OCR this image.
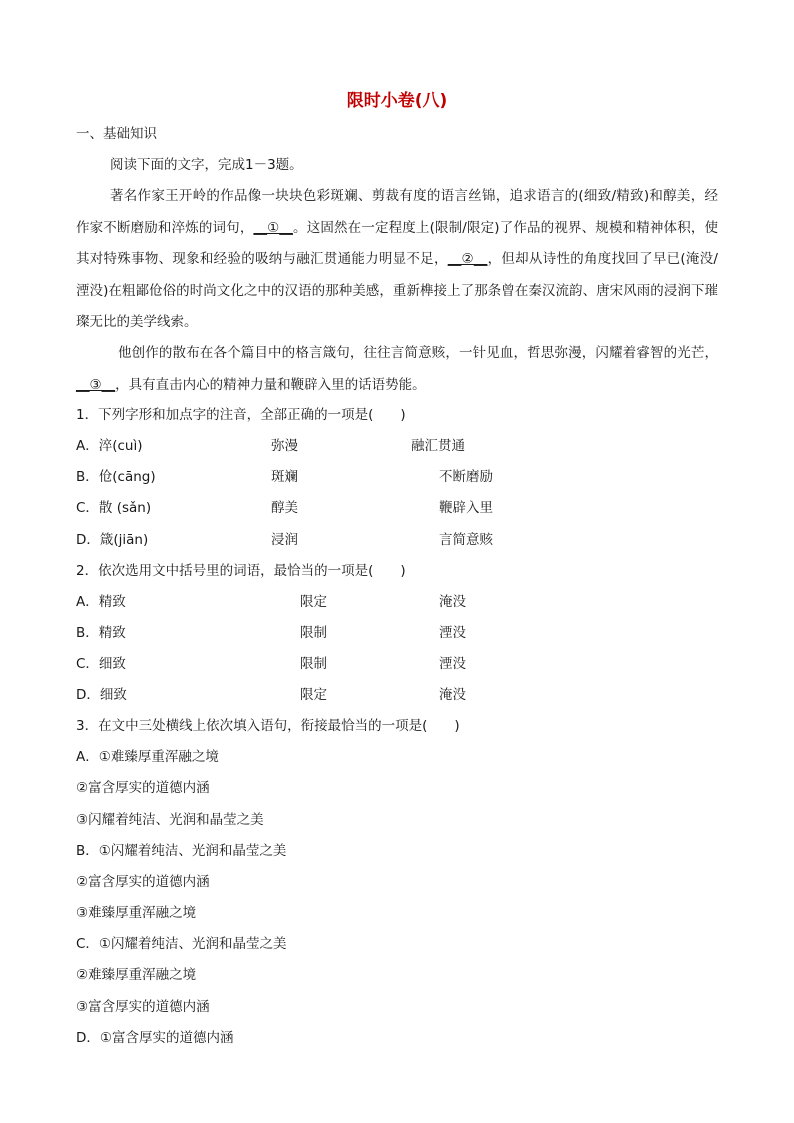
限时小卷(八)
一、基础知识
阅读下面的文字，完成1－3题。
著名作家王开岭的作品像一块块色彩斑斓、剪裁有度的语言丝锦，追求语言的(细致/精致)和醇美，经作家不断磨励和淬炼的词句，__①__。这固然在一定程度上(限制/限定)了作品的视界、规模和精神体积，使其对特殊事物、现象和经验的吸纳与融汇贯通能力明显不足，__②__，但却从诗性的角度找回了早已(淹没/湮没)在粗鄙伧俗的时尚文化之中的汉语的那种美感，重新榫接上了那条曾在秦汉流韵、唐宋风雨的浸润下璀璨无比的美学线索。
他创作的散布在各个篇目中的格言箴句，往往言简意赅，一针见血，哲思弥漫，闪耀着睿智的光芒，__③__，具有直击内心的精神力量和鞭辟入里的话语势能。
1．下列字形和加点字的注音，全部正确的一项是(　　)
A．淬(cuì)	弥漫	融汇贯通
B．伧(cāng)	斑斓	不断磨励
C．散 (sǎn)	醇美	鞭辟入里
D．箴(jiān)	浸润	言简意赅
2．依次选用文中括号里的词语，最恰当的一项是(　　)
A．精致	限定	淹没
B．精致	限制	湮没
C．细致	限制	湮没
D．细致	限定	淹没
3．在文中三处横线上依次填入语句，衔接最恰当的一项是(　　)
A．①难臻厚重浑融之境
②富含厚实的道德内涵
③闪耀着纯洁、光润和晶莹之美
B．①闪耀着纯洁、光润和晶莹之美
②富含厚实的道德内涵
③难臻厚重浑融之境
C．①闪耀着纯洁、光润和晶莹之美
②难臻厚重浑融之境
③富含厚实的道德内涵
D．①富含厚实的道德内涵
